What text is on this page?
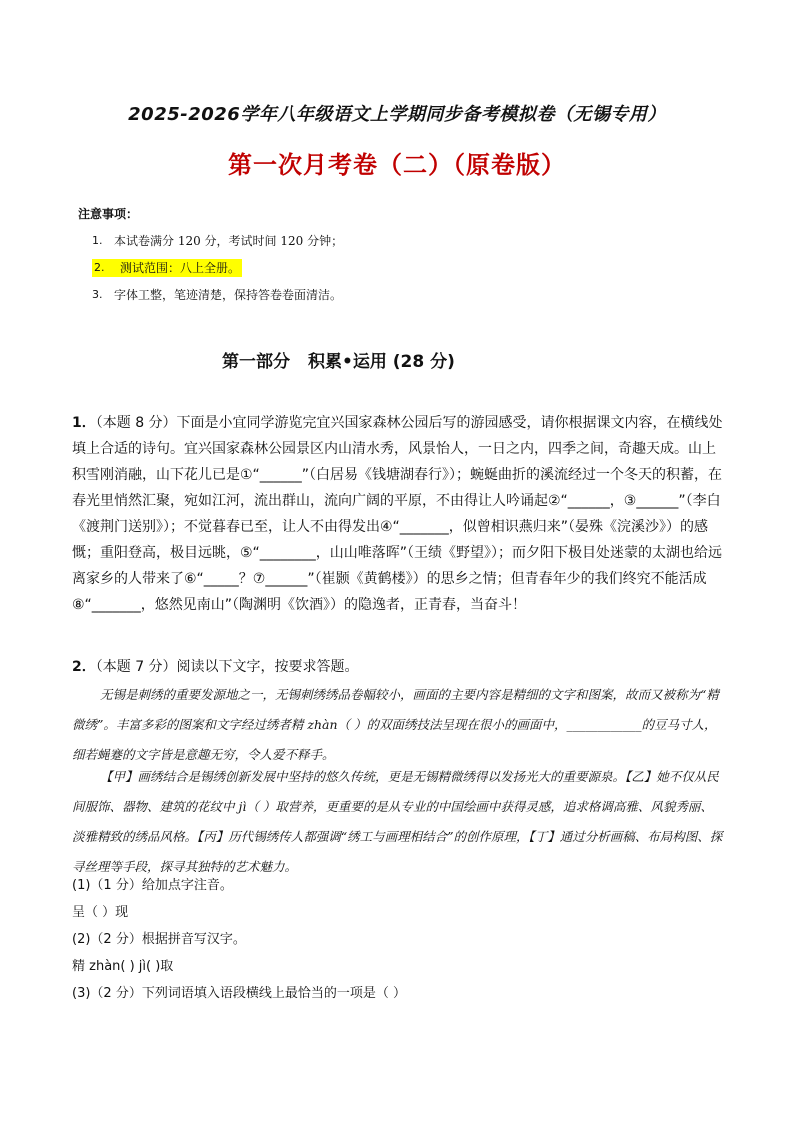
2025-2026学年八年级语文上学期同步备考模拟卷（无锡专用）
第一次月考卷（二）（原卷版）
注意事项：
1. 本试卷满分 120 分，考试时间 120 分钟；
2.	测试范围：八上全册。
3. 字体工整，笔迹清楚，保持答卷卷面清洁。
第一部分 积累•运用 (28 分)
1．（本题 8 分）下面是小宜同学游览完宜兴国家森林公园后写的游园感受，请你根据课文内容，在横线处填上合适的诗句。宜兴国家森林公园景区内山清水秀，风景怡人，一日之内，四季之间，奇趣天成。山上积雪刚消融，山下花儿已是①“______”（白居易《钱塘湖春行》）；蜿蜒曲折的溪流经过一个冬天的积蓄，在春光里悄然汇聚，宛如江河，流出群山，流向广阔的平原，不由得让人吟诵起②“______，③______”（李白《渡荆门送别》）；不觉暮春已至，让人不由得发出④“_______，似曾相识燕归来”（晏殊《浣溪沙》）的感慨；重阳登高，极目远眺，⑤“________，山山唯落晖”（王绩《野望》）；而夕阳下极目处迷蒙的太湖也给远离家乡的人带来了⑥“_____？⑦______”（崔颢《黄鹤楼》）的思乡之情；但青春年少的我们终究不能活成⑧“_______，悠然见南山”（陶渊明《饮酒》）的隐逸者，正青春，当奋斗！
2．（本题 7 分）阅读以下文字，按要求答题。
无锡是刺绣的重要发源地之一，无锡刺绣绣品卷幅较小，画面的主要内容是精细的文字和图案，故而又被称为“精微绣”。丰富多彩的图案和文字经过绣者精 zhàn（ ）的双面绣技法呈现在很小的画面中，____________的豆马寸人，细若蝇蹇的文字皆是意趣无穷，令人爱不释手。
【甲】画绣结合是锡绣创新发展中坚持的悠久传统，更是无锡精微绣得以发扬光大的重要源泉。【乙】她不仅从民间服饰、器物、建筑的花纹中 jì（ ）取营养，更重要的是从专业的中国绘画中获得灵感，追求格调高雅、风貌秀丽、淡雅精致的绣品风格。【丙】历代锡绣传人都强调“绣工与画理相结合”的创作原理，【丁】通过分析画稿、布局构图、探寻丝理等手段，探寻其独特的艺术魅力。
(1)（1 分）给加点字注音。
呈（ ）现
(2)（2 分）根据拼音写汉字。
精 zhàn( ) jì( )取
(3)（2 分）下列词语填入语段横线上最恰当的一项是（ ）
